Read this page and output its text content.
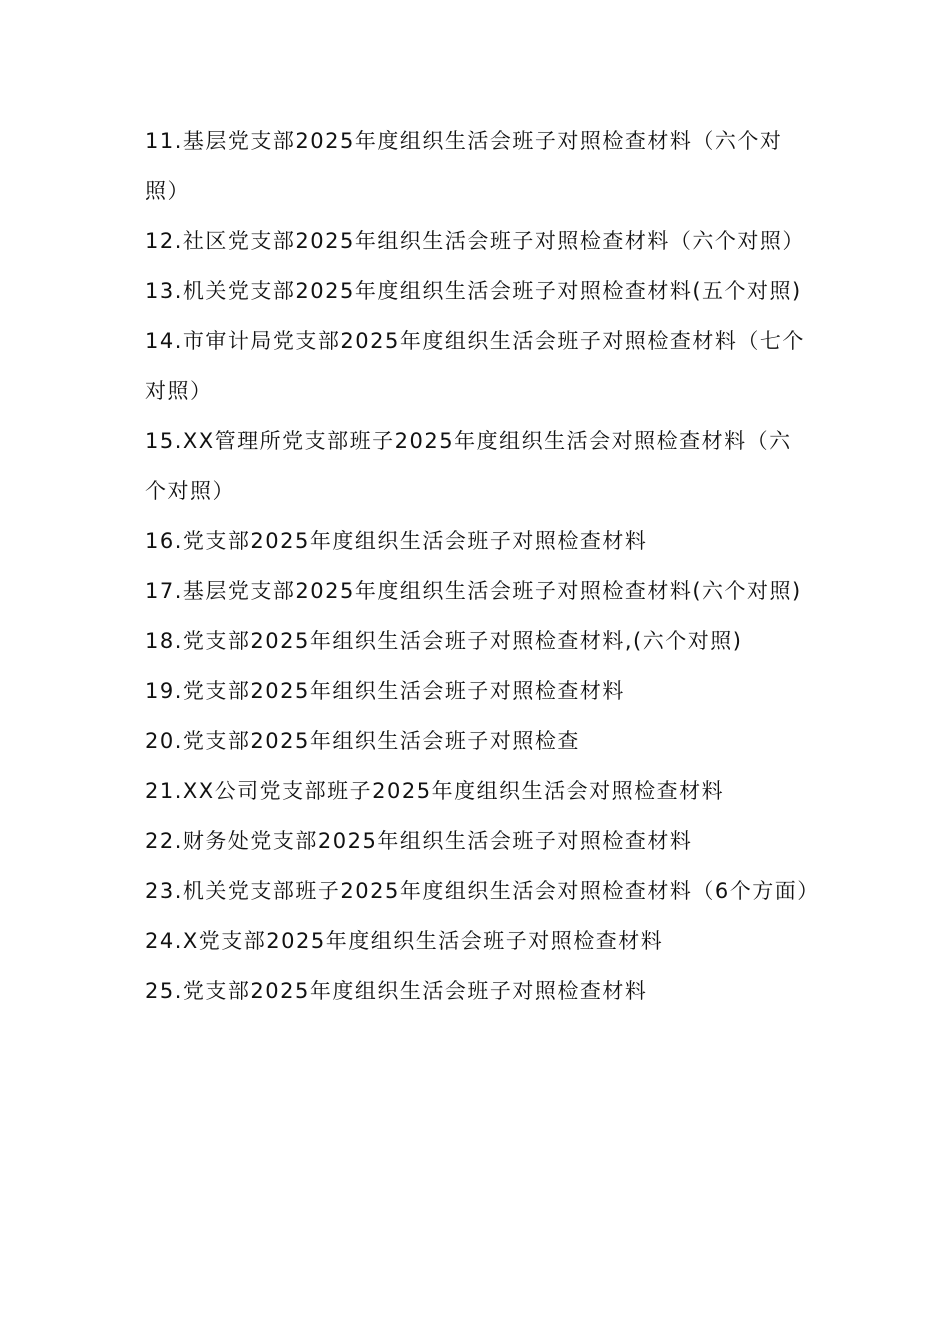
11.基层党支部2025年度组织生活会班子对照检查材料（六个对照）
12.社区党支部2025年组织生活会班子对照检查材料（六个对照）
13.机关党支部2025年度组织生活会班子对照检查材料(五个对照)
14.市审计局党支部2025年度组织生活会班子对照检查材料（七个对照）
15.XX管理所党支部班子2025年度组织生活会对照检查材料（六个对照）
16.党支部2025年度组织生活会班子对照检查材料
17.基层党支部2025年度组织生活会班子对照检查材料(六个对照)
18.党支部2025年组织生活会班子对照检查材料,(六个对照)
19.党支部2025年组织生活会班子对照检查材料
20.党支部2025年组织生活会班子对照检查
21.XX公司党支部班子2025年度组织生活会对照检查材料
22.财务处党支部2025年组织生活会班子对照检查材料
23.机关党支部班子2025年度组织生活会对照检查材料（6个方面）
24.X党支部2025年度组织生活会班子对照检查材料
25.党支部2025年度组织生活会班子对照检查材料
